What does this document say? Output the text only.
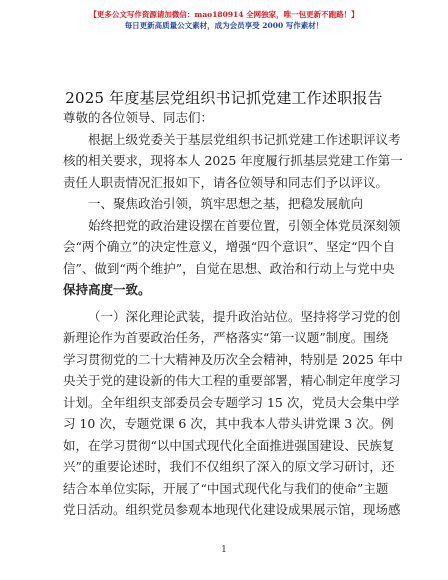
【更多公文写作资源请加微信：mao180914 全网独家，唯一包更新不跑路！】
每日更新高质量公文素材，成为会员享受 2000 写作素材！
2025 年度基层党组织书记抓党建工作述职报告
尊敬的各位领导、同志们：
根据上级党委关于基层党组织书记抓党建工作述职评议考
核的相关要求，现将本人 2025 年度履行抓基层党建工作第一
责任人职责情况汇报如下，请各位领导和同志们予以评议。
一、聚焦政治引领，筑牢思想之基，把稳发展航向
始终把党的政治建设摆在首要位置，引领全体党员深刻领
会“两个确立”的决定性意义，增强“四个意识”、坚定“四个自
信”、做到“两个维护”，自觉在思想、政治和行动上与党中央
保持高度一致。
（一）深化理论武装，提升政治站位。坚持将学习党的创
新理论作为首要政治任务，严格落实“第一议题”制度。围绕
学习贯彻党的二十大精神及历次全会精神，特别是 2025 年中
央关于党的建设新的伟大工程的重要部署，精心制定年度学习
计划。全年组织支部委员会专题学习 15 次，党员大会集中学
习 10 次，专题党课 6 次，其中我本人带头讲党课 3 次。例
如，在学习贯彻“以中国式现代化全面推进强国建设、民族复
兴”的重要论述时，我们不仅组织了深入的原文学习研讨，还
结合本单位实际，开展了“中国式现代化与我们的使命”主题
党日活动。组织党员参观本地现代化建设成果展示馆，现场感
1
